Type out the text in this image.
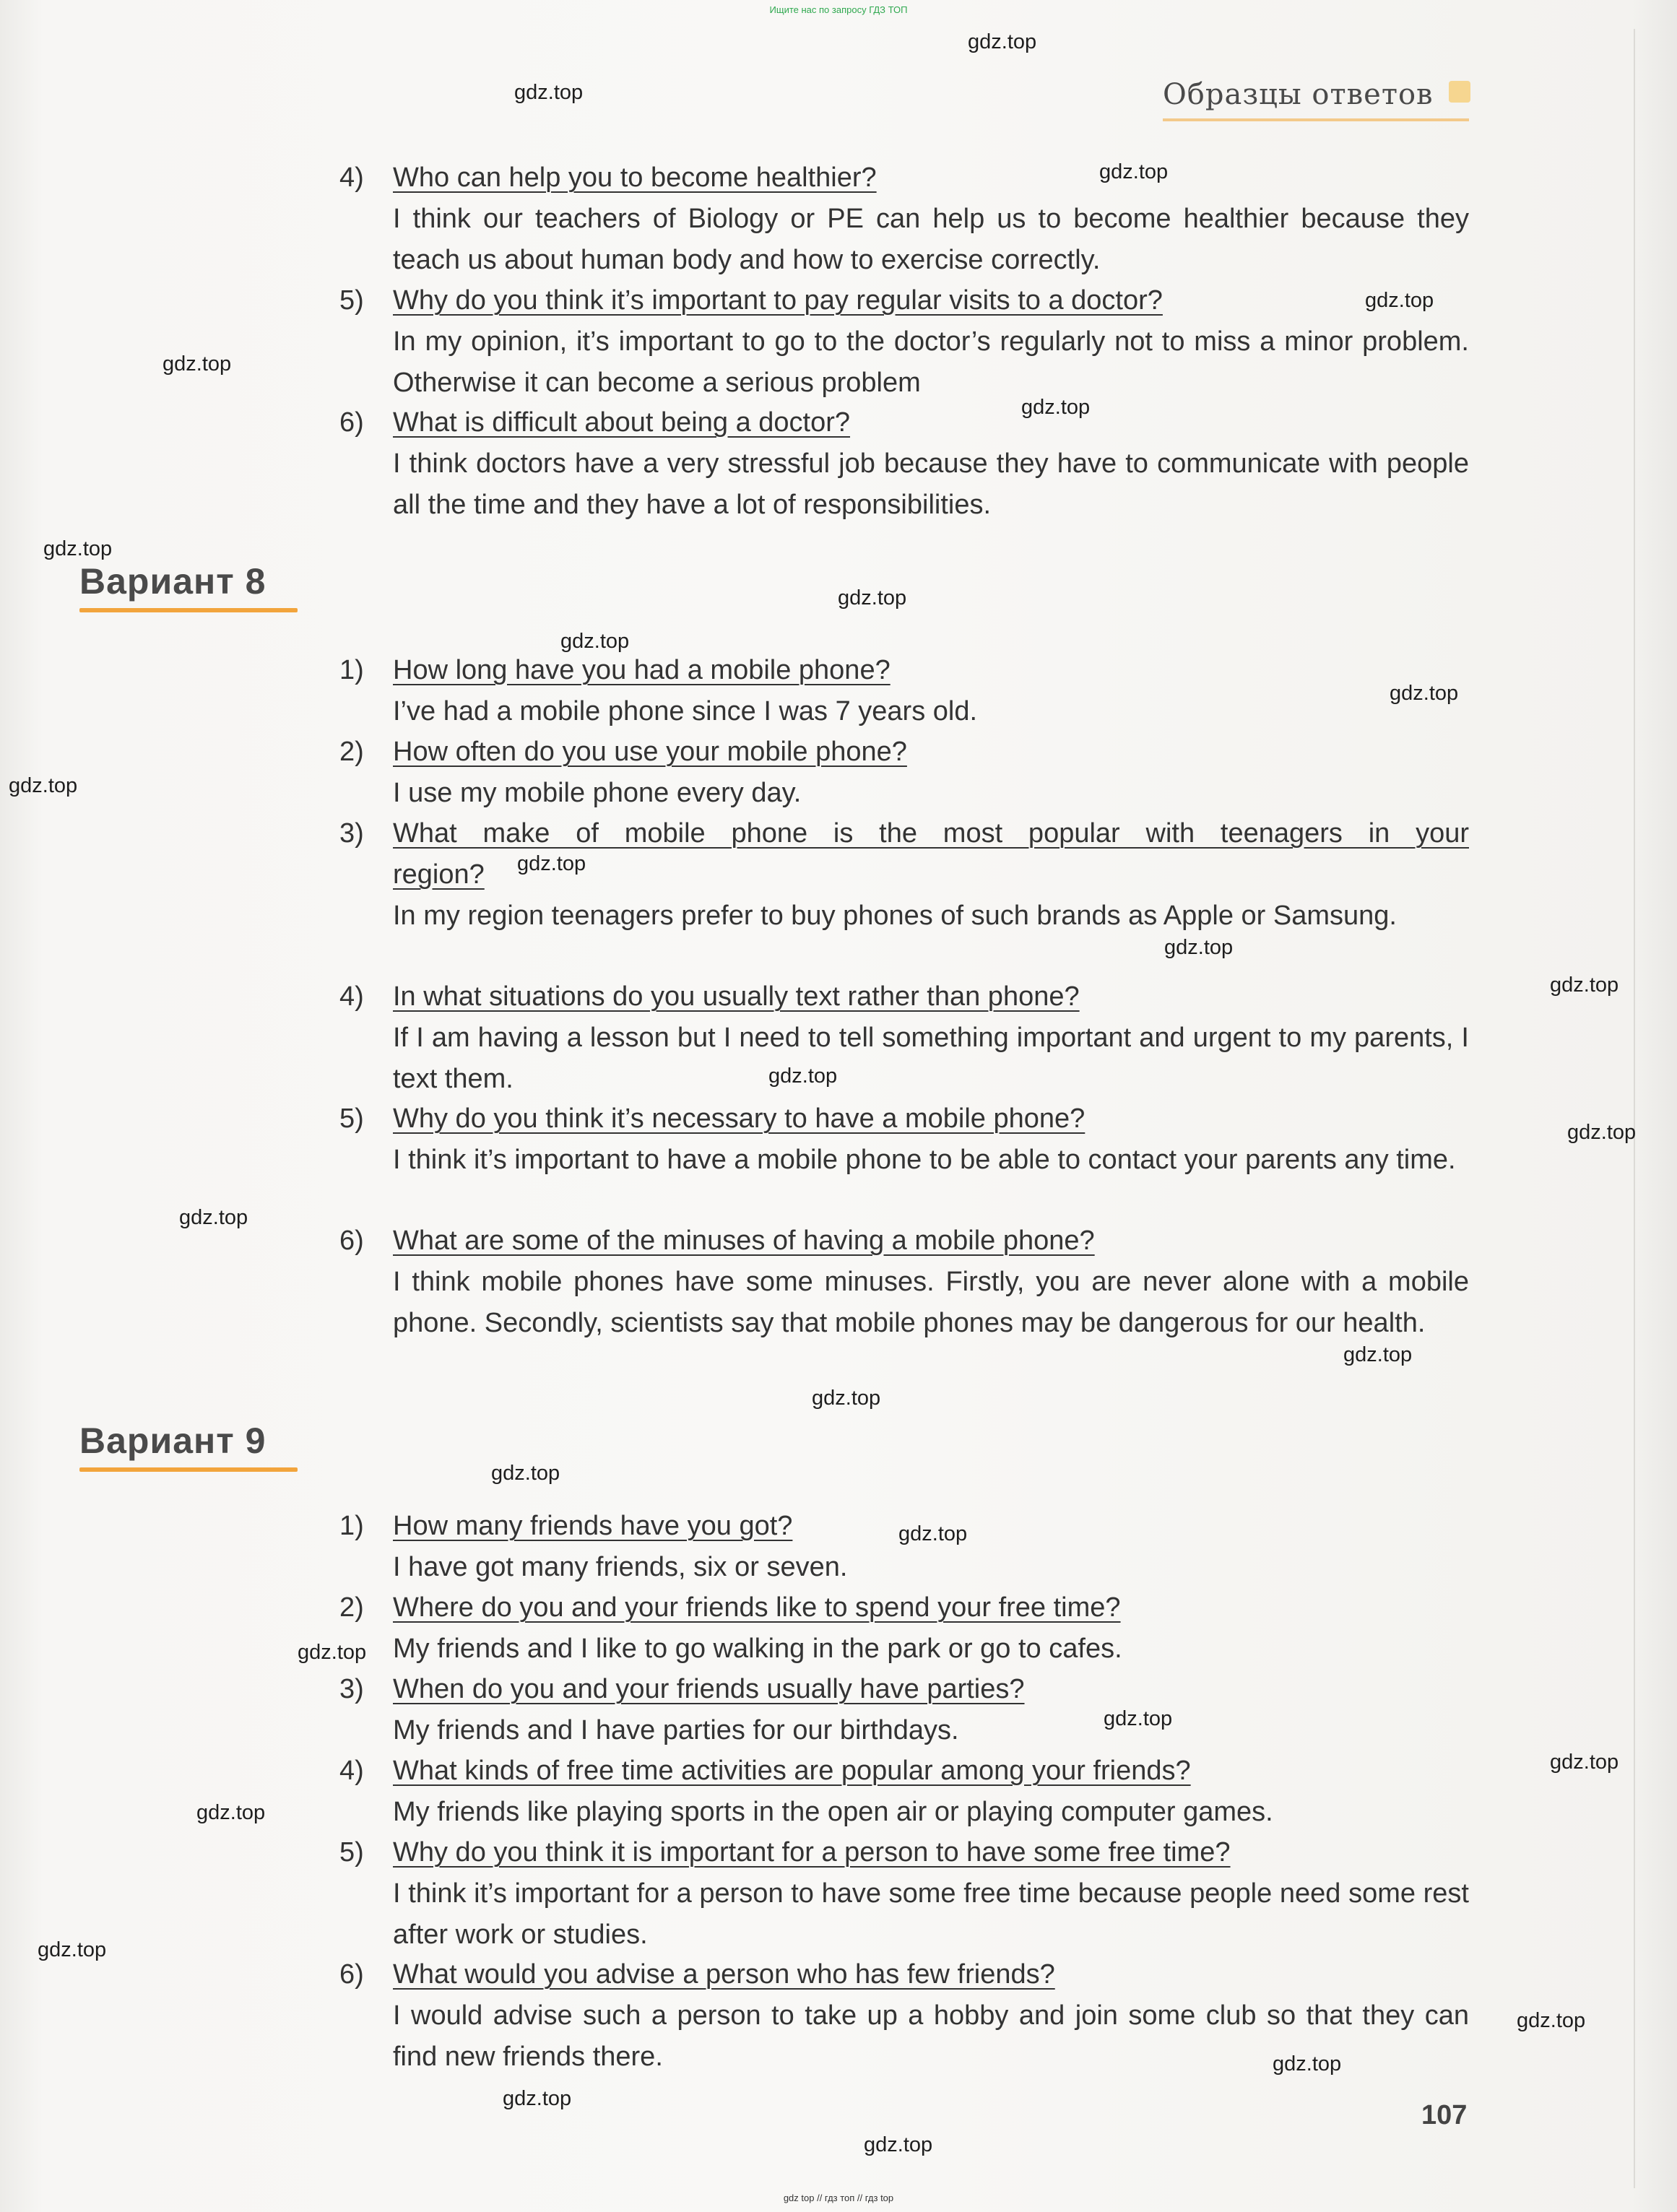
Ищите нас по запросу ГДЗ ТОП
Образцы ответов
4)	Who can help you to become healthier?
I think our teachers of Biology or PE can help us to become healthier because they teach us about human body and how to exercise correctly.
5)	Why do you think it’s important to pay regular visits to a doctor?
In my opinion, it’s important to go to the doctor’s regularly not to miss a minor problem. Otherwise it can become a serious problem
6)	What is difficult about being a doctor?
I think doctors have a very stressful job because they have to communicate with people all the time and they have a lot of responsibilities.
Вариант 8
1)	How long have you had a mobile phone?
I’ve had a mobile phone since I was 7 years old.
2)	How often do you use your mobile phone?
I use my mobile phone every day.
3)	What make of mobile phone is the most popular with teenagers in your
region?
In my region teenagers prefer to buy phones of such brands as Apple or Samsung.
4)	In what situations do you usually text rather than phone?
If I am having a lesson but I need to tell something important and urgent to my parents, I text them.
5)	Why do you think it’s necessary to have a mobile phone?
I think it’s important to have a mobile phone to be able to contact your parents any time.
6)	What are some of the minuses of having a mobile phone?
I think mobile phones have some minuses. Firstly, you are never alone with a mobile phone. Secondly, scientists say that mobile phones may be dangerous for our health.
Вариант 9
1)	How many friends have you got?
I have got many friends, six or seven.
2)	Where do you and your friends like to spend your free time?
My friends and I like to go walking in the park or go to cafes.
3)	When do you and your friends usually have parties?
My friends and I have parties for our birthdays.
4)	What kinds of free time activities are popular among your friends?
My friends like playing sports in the open air or playing computer games.
5)	Why do you think it is important for a person to have some free time?
I think it’s important for a person to have some free time because people need some rest after work or studies.
6)	What would you advise a person who has few friends?
I would advise such a person to take up a hobby and join some club so that they can find new friends there.
107
gdz top // гдз топ // гдз top
gdz.top
gdz.top
gdz.top
gdz.top
gdz.top
gdz.top
gdz.top
gdz.top
gdz.top
gdz.top
gdz.top
gdz.top
gdz.top
gdz.top
gdz.top
gdz.top
gdz.top
gdz.top
gdz.top
gdz.top
gdz.top
gdz.top
gdz.top
gdz.top
gdz.top
gdz.top
gdz.top
gdz.top
gdz.top
gdz.top
